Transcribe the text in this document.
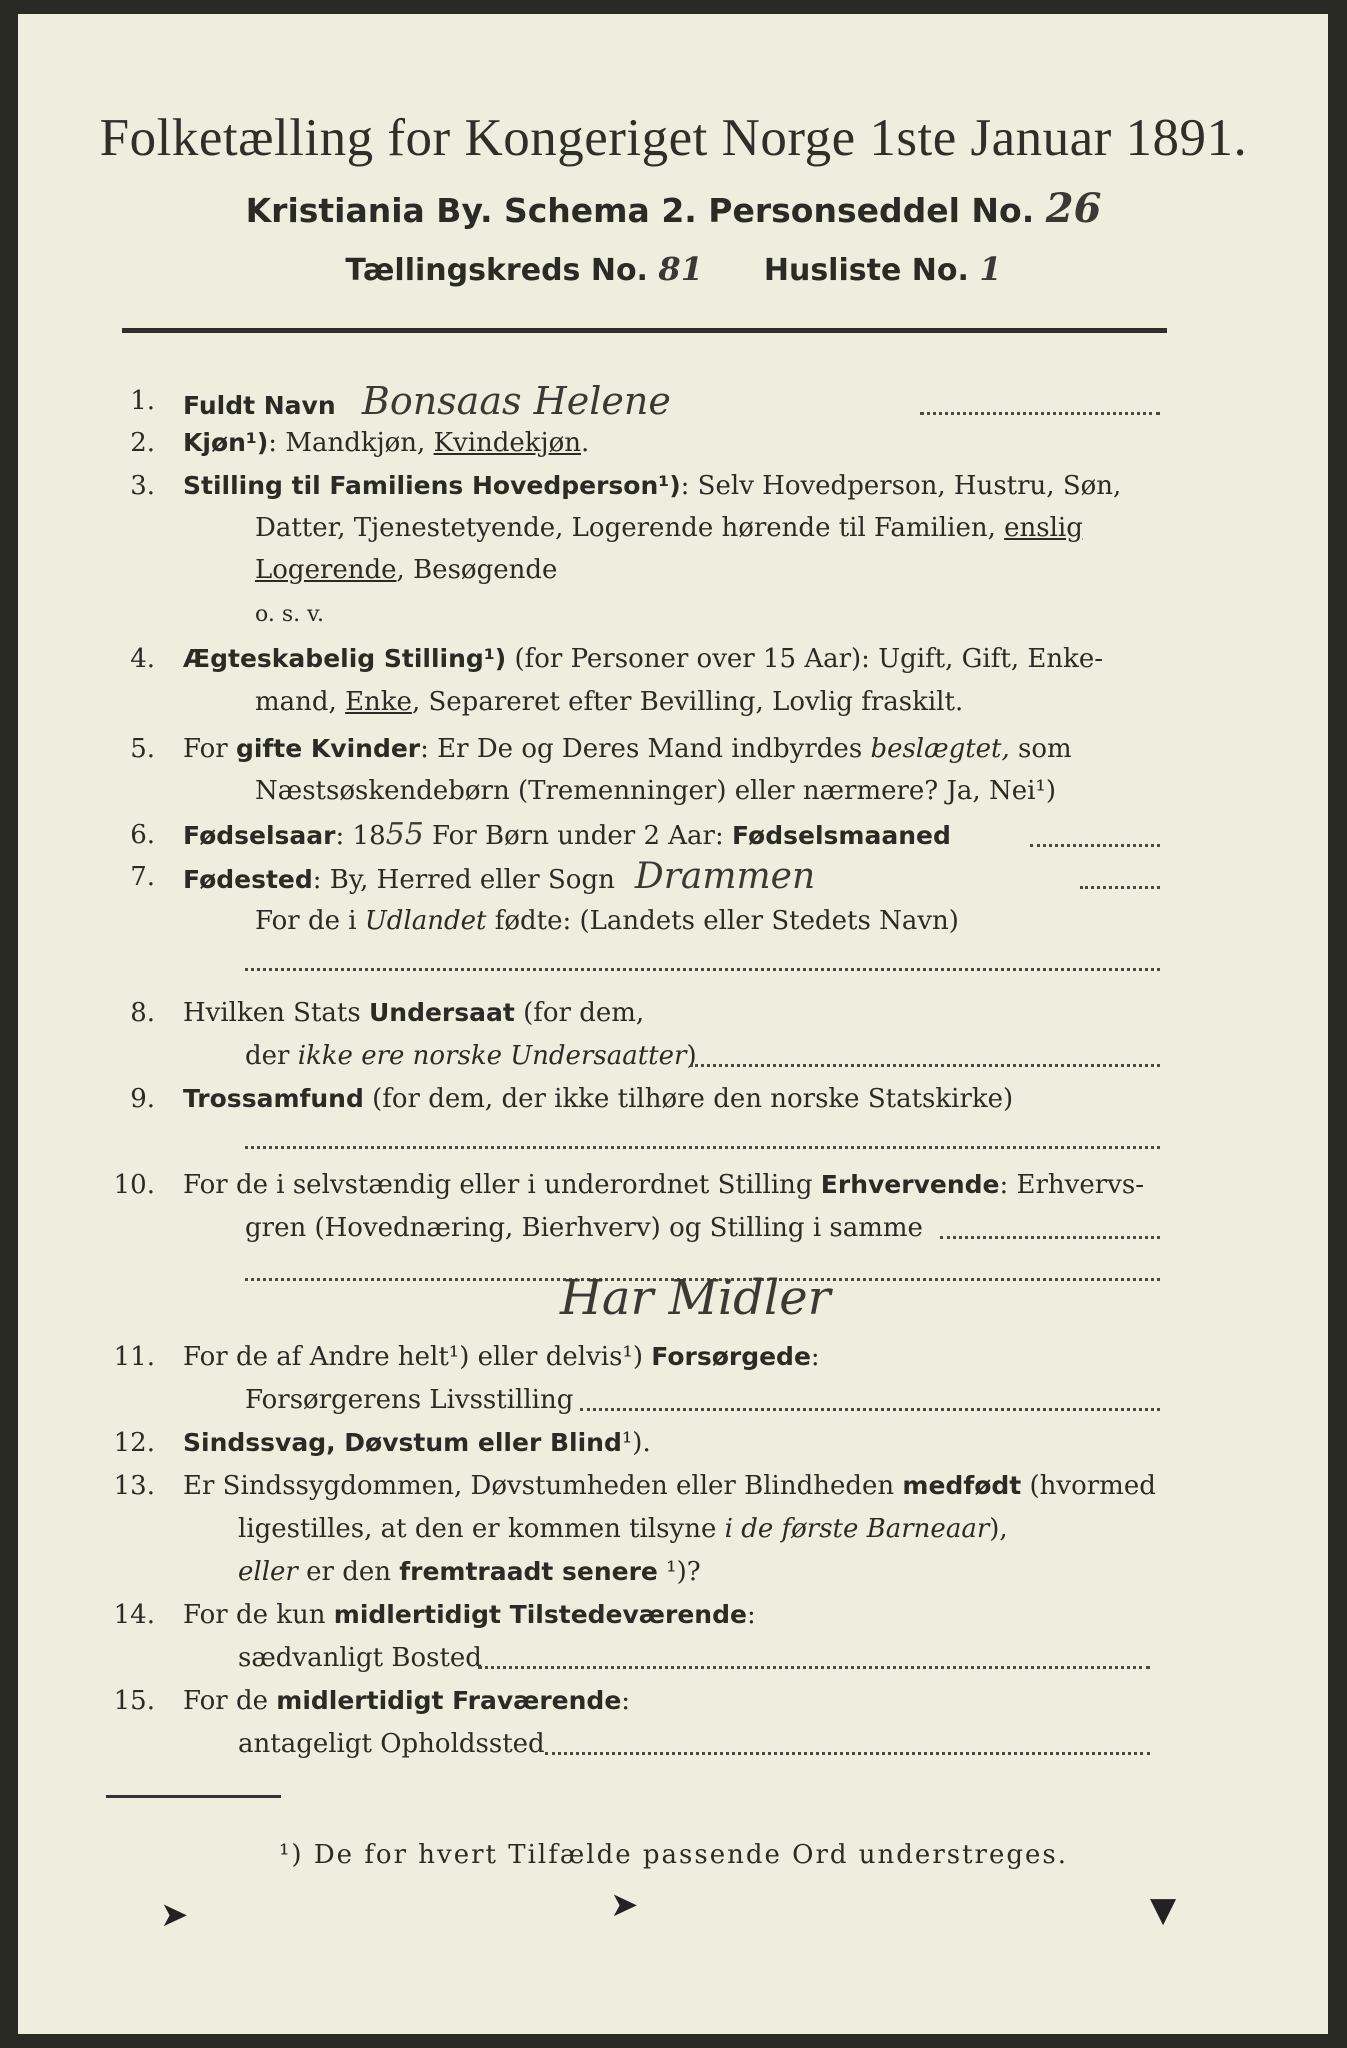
Folketælling for Kongeriget Norge 1ste Januar 1891.
Kristiania By. Schema 2. Personseddel No. 26
Tællingskreds No. 81 Husliste No. 1
1. Fuldt Navn Bonsaas Helene
2. Kjøn¹): Mandkjøn, Kvindekjøn.
3. Stilling til Familiens Hovedperson¹): Selv Hovedperson, Hustru, Søn,
Datter, Tjenestetyende, Logerende hørende til Familien, enslig
Logerende, Besøgende
o. s. v.
4. Ægteskabelig Stilling¹) (for Personer over 15 Aar): Ugift, Gift, Enke-
mand, Enke, Separeret efter Bevilling, Lovlig fraskilt.
5. For gifte Kvinder: Er De og Deres Mand indbyrdes beslægtet, som
Næstsøskendebørn (Tremenninger) eller nærmere? Ja, Nei¹)
6. Fødselsaar: 1855 For Børn under 2 Aar: Fødselsmaaned
7. Fødested: By, Herred eller Sogn Drammen
For de i Udlandet fødte: (Landets eller Stedets Navn)
8. Hvilken Stats Undersaat (for dem,
der ikke ere norske Undersaatter)
9. Trossamfund (for dem, der ikke tilhøre den norske Statskirke)
10. For de i selvstændig eller i underordnet Stilling Erhvervende: Erhvervs-
gren (Hovednæring, Bierhverv) og Stilling i samme
Har Midler
11. For de af Andre helt¹) eller delvis¹) Forsørgede:
Forsørgerens Livsstilling
12. Sindssvag, Døvstum eller Blind¹).
13. Er Sindssygdommen, Døvstumheden eller Blindheden medfødt (hvormed
ligestilles, at den er kommen tilsyne i de første Barneaar),
eller er den fremtraadt senere ¹)?
14. For de kun midlertidigt Tilstedeværende:
sædvanligt Bosted
15. For de midlertidigt Fraværende:
antageligt Opholdssted
¹) De for hvert Tilfælde passende Ord understreges.
➤	➤	▼
